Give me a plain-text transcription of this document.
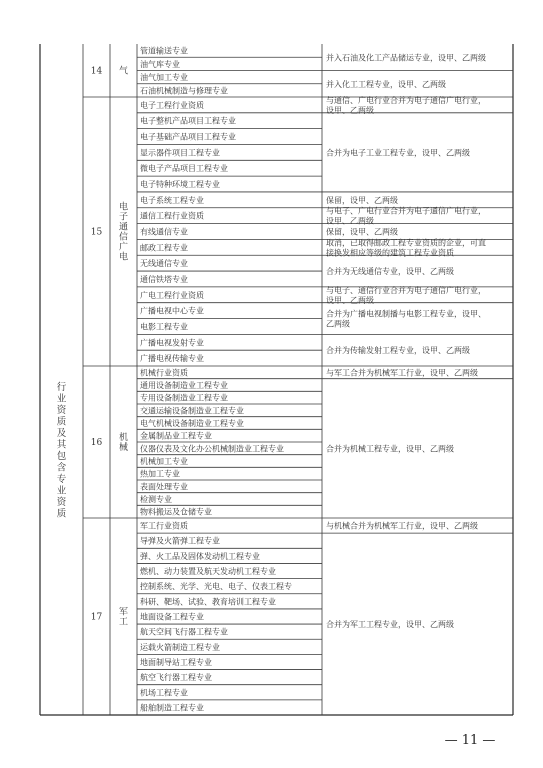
行
业
资
质
及
其
包
含
专
业
资
质
管道输送专业
油气库专业
油气加工专业
石油机械制造与修理专业
14 气
并入石油及化工产品储运专业，设甲、乙两级
并入化工工程专业，设甲、乙两级
电子工程行业资质
电子整机产品项目工程专业
电子基础产品项目工程专业
显示器件项目工程专业
微电子产品项目工程专业
电子特种环境工程专业
电子系统工程专业
通信工程行业资质
有线通信专业
邮政工程专业
无线通信专业
通信铁塔专业
广电工程行业资质
广播电视中心专业
电影工程专业
广播电视发射专业
广播电视传输专业
15
电
子
通
信
广
电
与通信、广电行业合并为电子通信广电行业，
设甲、乙两级
合并为电子工业工程专业，设甲、乙两级
保留，设甲、乙两级
与电子、广电行业合并为电子通信广电行业，
设甲、乙两级
保留，设甲、乙两级
取消，已取得邮政工程专业资质的企业，可直
接换发相应等级的建筑工程专业资质
合并为无线通信专业，设甲、乙两级
与电子、通信行业合并为电子通信广电行业，
设甲、乙两级
合并为广播电视制播与电影工程专业，设甲、
乙两级
合并为传输发射工程专业，设甲、乙两级
机械行业资质
通用设备制造业工程专业
专用设备制造业工程专业
交通运输设备制造业工程专业
电气机械设备制造业工程专业
金属制品业工程专业
仪器仪表及文化办公机械制造业工程专业
机械加工专业
热加工专业
表面处理专业
检测专业
物料搬运及仓储专业
16 机
械
与军工合并为机械军工行业，设甲、乙两级
合并为机械工程专业，设甲、乙两级
军工行业资质
导弹及火箭弹工程专业
弹、火工品及固体发动机工程专业
燃机、动力装置及航天发动机工程专业
控制系统、光学、光电、电子、仪表工程专
科研、靶场、试验、教育培训工程专业
地面设备工程专业
航天空间飞行器工程专业
运载火箭制造工程专业
地面制导站工程专业
航空飞行器工程专业
机场工程专业
船舶制造工程专业
17 军
工
与机械合并为机械军工行业，设甲、乙两级
合并为军工工程专业，设甲、乙两级
— 11 —
